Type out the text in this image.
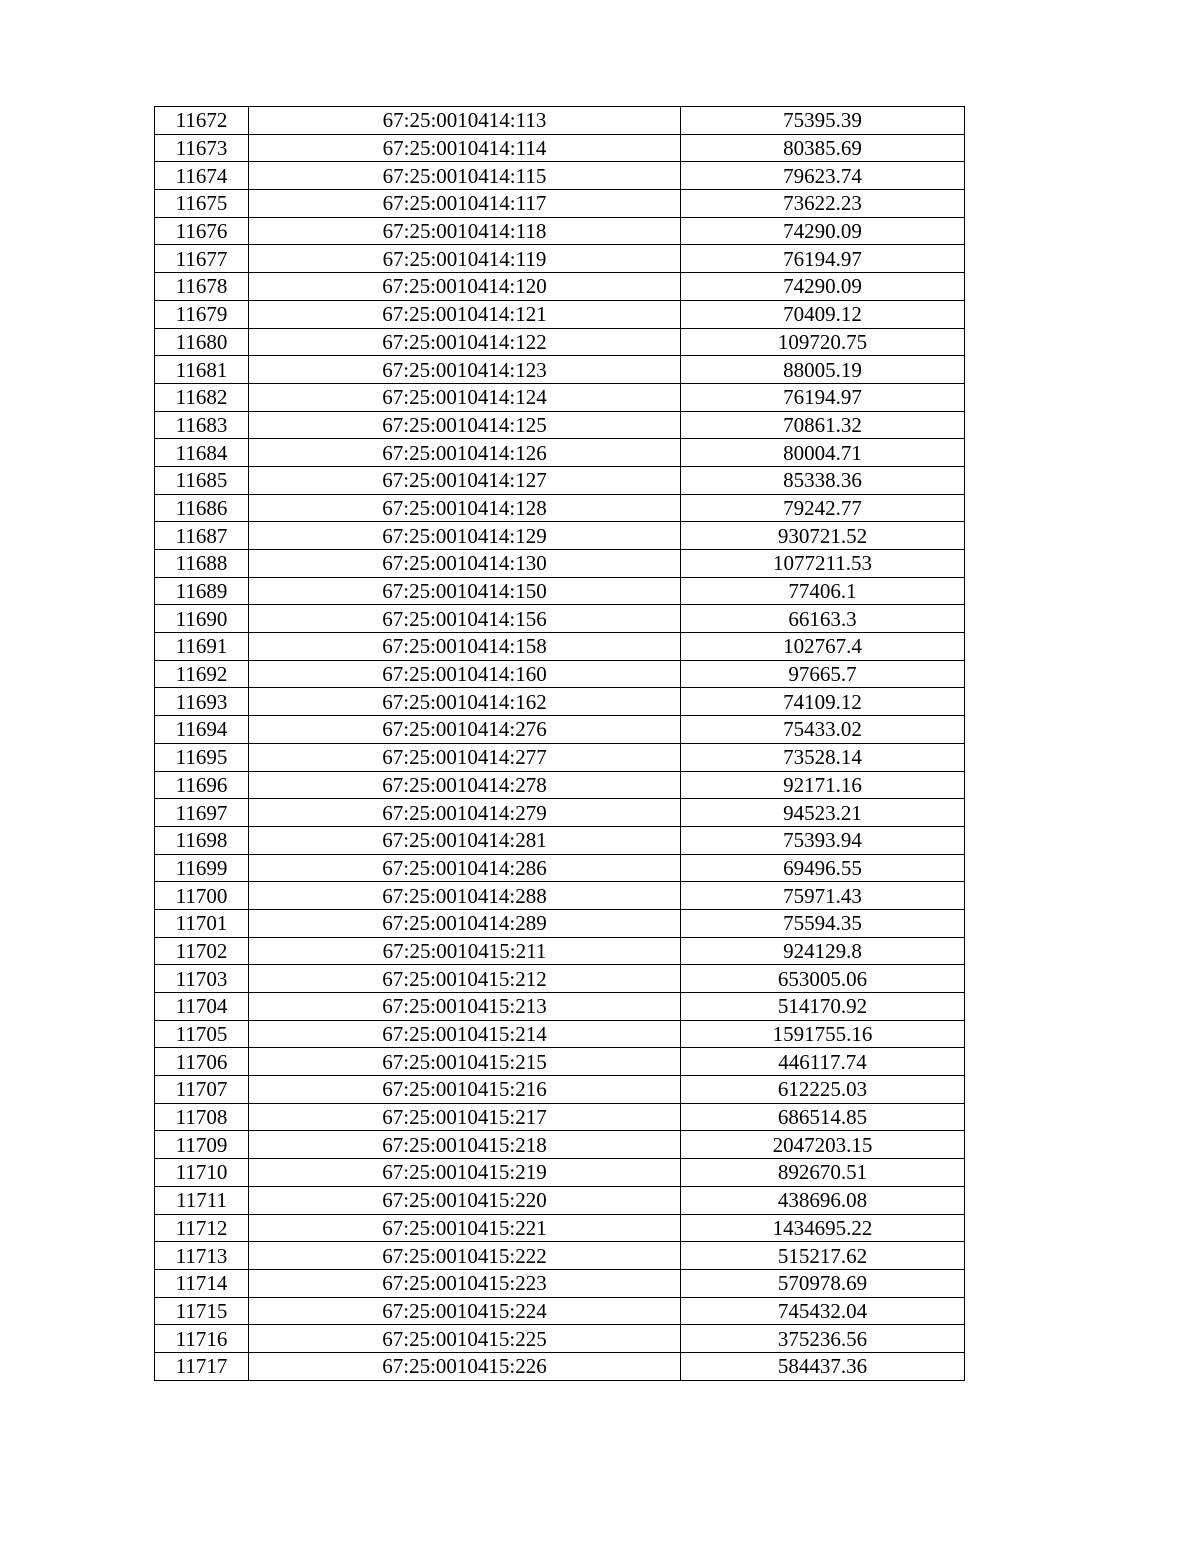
11672	67:25:0010414:113	75395.39
11673	67:25:0010414:114	80385.69
11674	67:25:0010414:115	79623.74
11675	67:25:0010414:117	73622.23
11676	67:25:0010414:118	74290.09
11677	67:25:0010414:119	76194.97
11678	67:25:0010414:120	74290.09
11679	67:25:0010414:121	70409.12
11680	67:25:0010414:122	109720.75
11681	67:25:0010414:123	88005.19
11682	67:25:0010414:124	76194.97
11683	67:25:0010414:125	70861.32
11684	67:25:0010414:126	80004.71
11685	67:25:0010414:127	85338.36
11686	67:25:0010414:128	79242.77
11687	67:25:0010414:129	930721.52
11688	67:25:0010414:130	1077211.53
11689	67:25:0010414:150	77406.1
11690	67:25:0010414:156	66163.3
11691	67:25:0010414:158	102767.4
11692	67:25:0010414:160	97665.7
11693	67:25:0010414:162	74109.12
11694	67:25:0010414:276	75433.02
11695	67:25:0010414:277	73528.14
11696	67:25:0010414:278	92171.16
11697	67:25:0010414:279	94523.21
11698	67:25:0010414:281	75393.94
11699	67:25:0010414:286	69496.55
11700	67:25:0010414:288	75971.43
11701	67:25:0010414:289	75594.35
11702	67:25:0010415:211	924129.8
11703	67:25:0010415:212	653005.06
11704	67:25:0010415:213	514170.92
11705	67:25:0010415:214	1591755.16
11706	67:25:0010415:215	446117.74
11707	67:25:0010415:216	612225.03
11708	67:25:0010415:217	686514.85
11709	67:25:0010415:218	2047203.15
11710	67:25:0010415:219	892670.51
11711	67:25:0010415:220	438696.08
11712	67:25:0010415:221	1434695.22
11713	67:25:0010415:222	515217.62
11714	67:25:0010415:223	570978.69
11715	67:25:0010415:224	745432.04
11716	67:25:0010415:225	375236.56
11717	67:25:0010415:226	584437.36
